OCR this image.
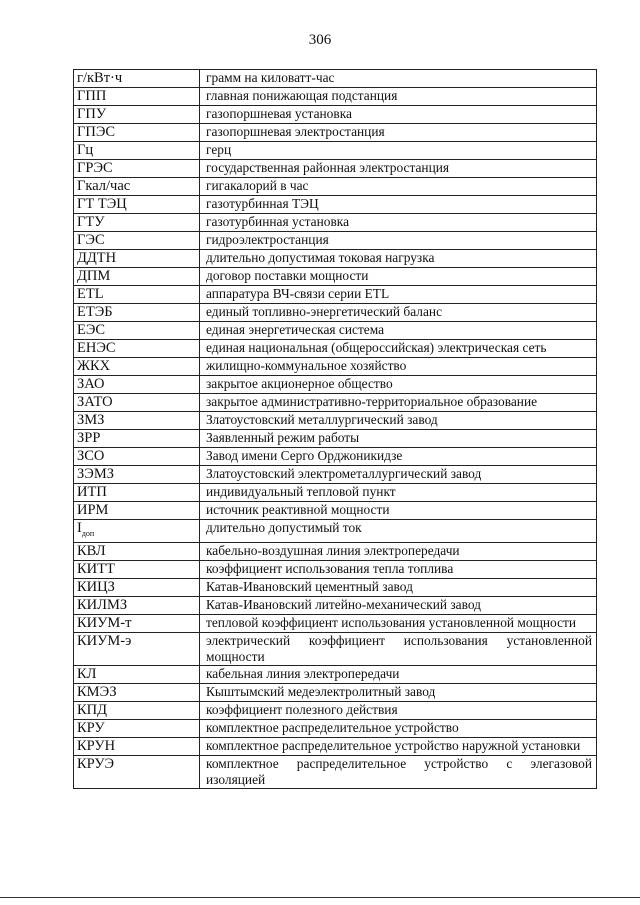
306
г/кВт·ч	грамм на киловатт-час
ГПП	главная понижающая подстанция
ГПУ	газопоршневая установка
ГПЭС	газопоршневая электростанция
Гц	герц
ГРЭС	государственная районная электростанция
Гкал/час	гигакалорий в час
ГТ ТЭЦ	газотурбинная ТЭЦ
ГТУ	газотурбинная установка
ГЭС	гидроэлектростанция
ДДТН	длительно допустимая токовая нагрузка
ДПМ	договор поставки мощности
ETL	аппаратура ВЧ-связи серии ETL
ЕТЭБ	единый топливно-энергетический баланс
ЕЭС	единая энергетическая система
ЕНЭС	единая национальная (общероссийская) электрическая сеть
ЖКХ	жилищно-коммунальное хозяйство
ЗАО	закрытое акционерное общество
ЗАТО	закрытое административно-территориальное образование
ЗМЗ	Златоустовский металлургический завод
ЗРР	Заявленный режим работы
ЗСО	Завод имени Серго Орджоникидзе
ЗЭМЗ	Златоустовский электрометаллургический завод
ИТП	индивидуальный тепловой пункт
ИРМ	источник реактивной мощности
$I_{доп}$	длительно допустимый ток
КВЛ	кабельно-воздушная линия электропередачи
КИТТ	коэффициент использования тепла топлива
КИЦЗ	Катав-Ивановский цементный завод
КИЛМЗ	Катав-Ивановский литейно-механический завод
КИУМ-т	тепловой коэффициент использования установленной мощности
КИУМ-э	электрический коэффициент использования установленной мощности
КЛ	кабельная линия электропередачи
КМЭЗ	Кыштымский медеэлектролитный завод
КПД	коэффициент полезного действия
КРУ	комплектное распределительное устройство
КРУН	комплектное распределительное устройство наружной установки
КРУЭ	комплектное распределительное устройство с элегазовой изоляцией
